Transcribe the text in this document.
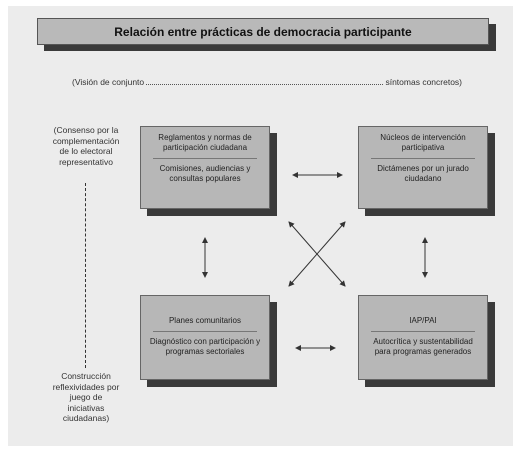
Relación entre prácticas de democracia participante
(Visión de conjunto	síntomas concretos)
(Consenso por la
complementación
de lo electoral
representativo
Construcción
reflexividades por
juego de
iniciativas
ciudadanas)
Reglamentos y normas de participación ciudadana
Comisiones, audiencias y consultas populares
Núcleos de intervención participativa
Dictámenes por un jurado ciudadano
Planes comunitarios
Diagnóstico con participación y programas sectoriales
IAP/PAI
Autocrítica y sustentabilidad para programas generados
